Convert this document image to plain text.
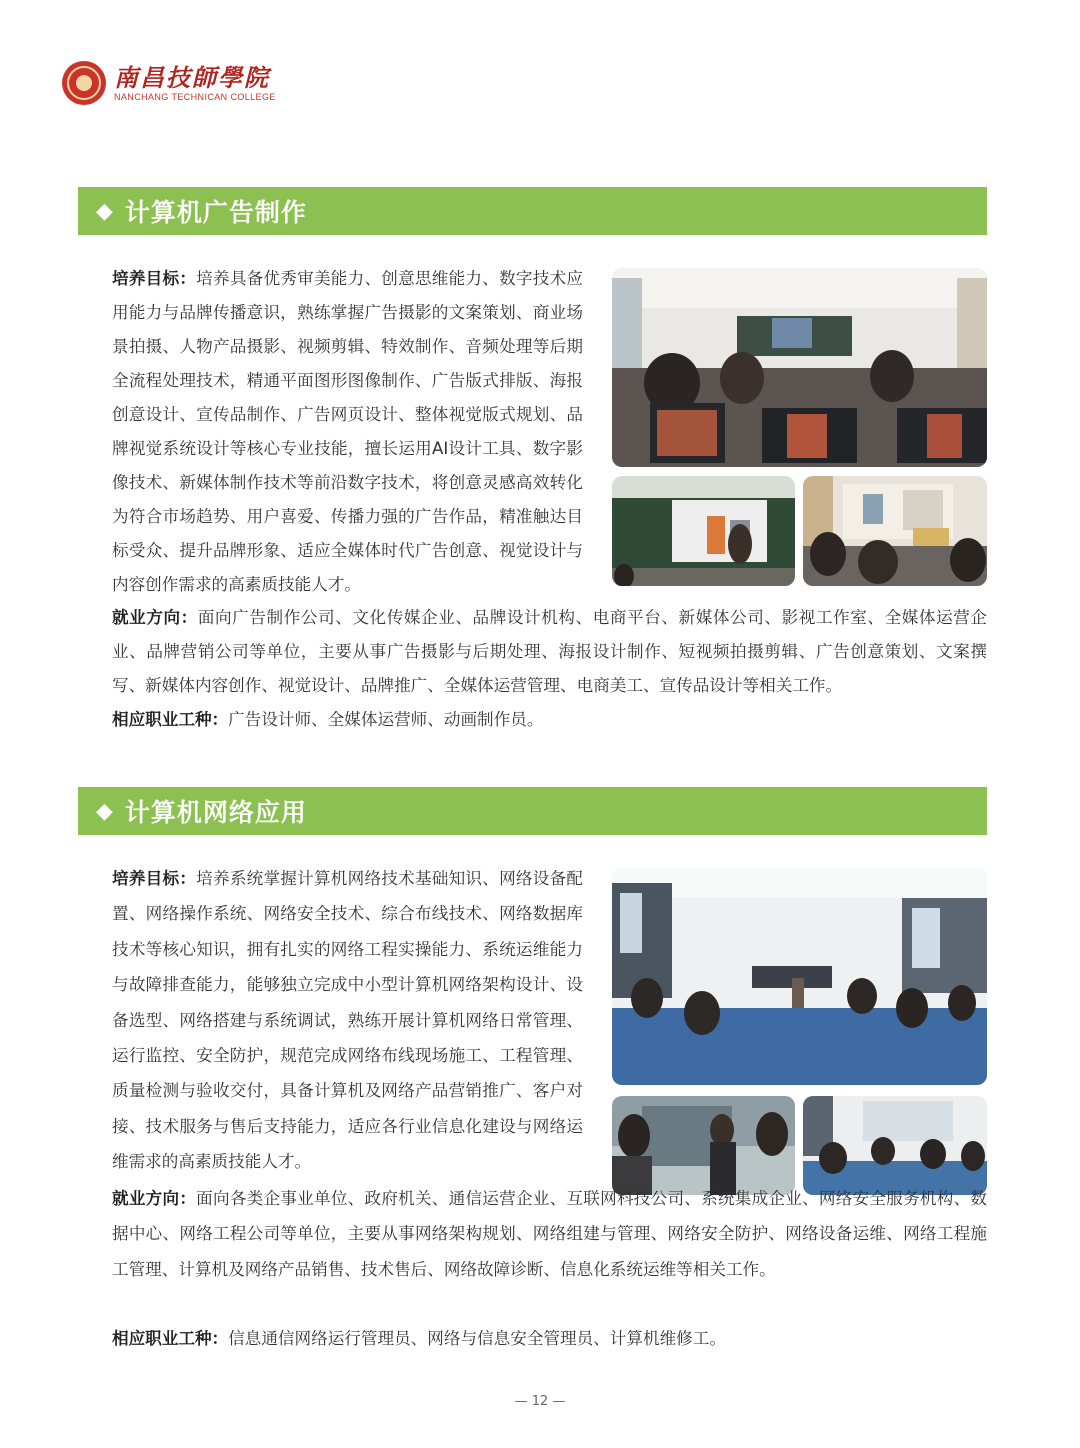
南昌技師學院
NANCHANG TECHNICAN COLLEGE
◆ 计算机广告制作
培养目标：培养具备优秀审美能力、创意思维能力、数字技术应用能力与品牌传播意识，熟练掌握广告摄影的文案策划、商业场景拍摄、人物产品摄影、视频剪辑、特效制作、音频处理等后期全流程处理技术，精通平面图形图像制作、广告版式排版、海报创意设计、宣传品制作、广告网页设计、整体视觉版式规划、品牌视觉系统设计等核心专业技能，擅长运用AI设计工具、数字影像技术、新媒体制作技术等前沿数字技术，将创意灵感高效转化为符合市场趋势、用户喜爱、传播力强的广告作品，精准触达目标受众、提升品牌形象、适应全媒体时代广告创意、视觉设计与内容创作需求的高素质技能人才。
就业方向：面向广告制作公司、文化传媒企业、品牌设计机构、电商平台、新媒体公司、影视工作室、全媒体运营企业、品牌营销公司等单位，主要从事广告摄影与后期处理、海报设计制作、短视频拍摄剪辑、广告创意策划、文案撰写、新媒体内容创作、视觉设计、品牌推广、全媒体运营管理、电商美工、宣传品设计等相关工作。
相应职业工种：广告设计师、全媒体运营师、动画制作员。
◆ 计算机网络应用
培养目标：培养系统掌握计算机网络技术基础知识、网络设备配置、网络操作系统、网络安全技术、综合布线技术、网络数据库技术等核心知识，拥有扎实的网络工程实操能力、系统运维能力与故障排查能力，能够独立完成中小型计算机网络架构设计、设备选型、网络搭建与系统调试，熟练开展计算机网络日常管理、运行监控、安全防护，规范完成网络布线现场施工、工程管理、质量检测与验收交付，具备计算机及网络产品营销推广、客户对接、技术服务与售后支持能力，适应各行业信息化建设与网络运维需求的高素质技能人才。
就业方向：面向各类企事业单位、政府机关、通信运营企业、互联网科技公司、系统集成企业、网络安全服务机构、数据中心、网络工程公司等单位，主要从事网络架构规划、网络组建与管理、网络安全防护、网络设备运维、网络工程施工管理、计算机及网络产品销售、技术售后、网络故障诊断、信息化系统运维等相关工作。
相应职业工种：信息通信网络运行管理员、网络与信息安全管理员、计算机维修工。
— 12 —
